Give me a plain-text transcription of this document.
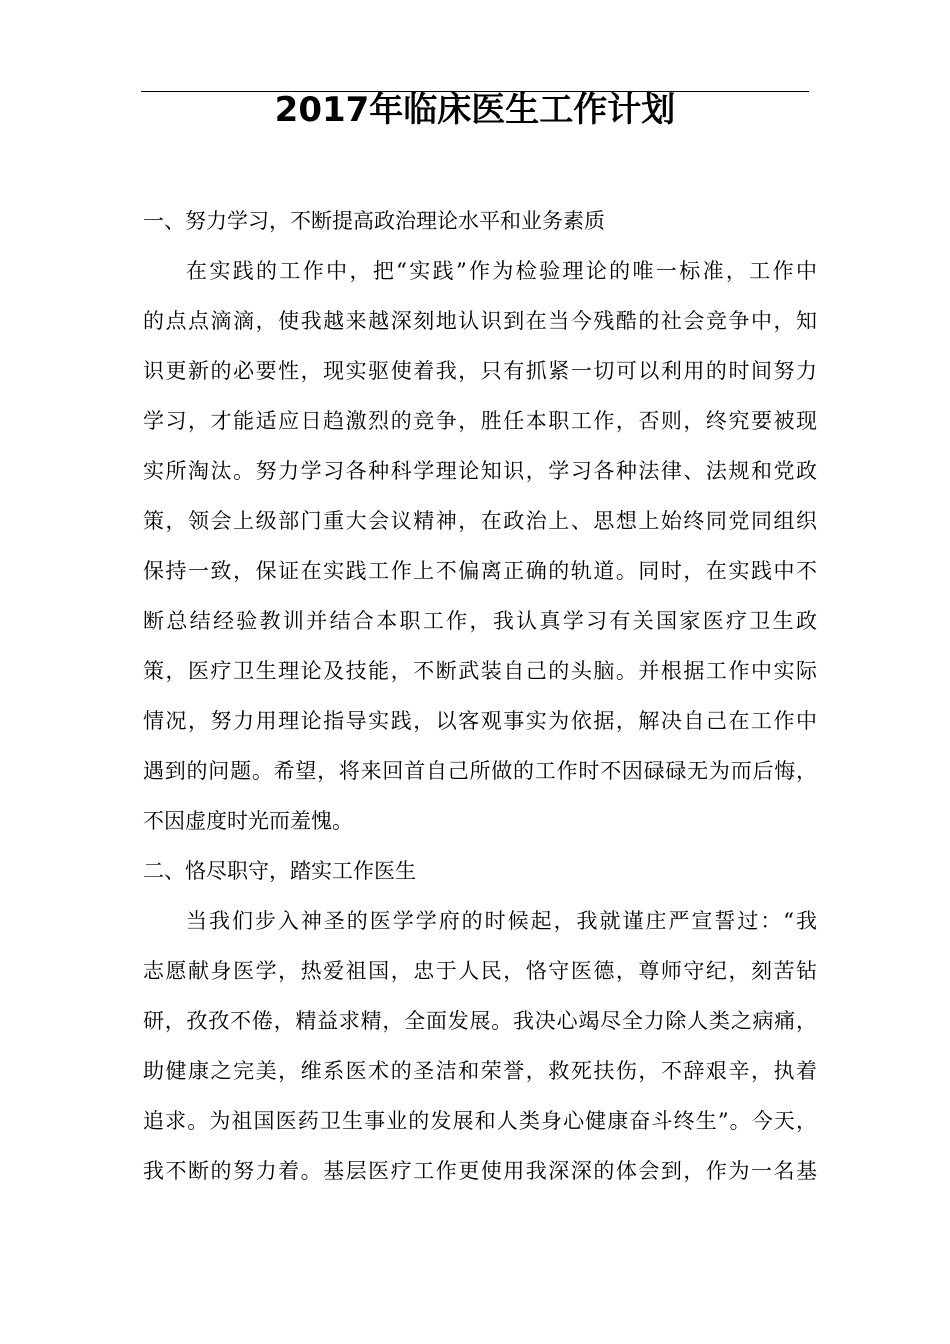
2017年临床医生工作计划

一、努力学习，不断提高政治理论水平和业务素质

在实践的工作中，把“实践”作为检验理论的唯一标准，工作中
的点点滴滴，使我越来越深刻地认识到在当今残酷的社会竞争中，知
识更新的必要性，现实驱使着我，只有抓紧一切可以利用的时间努力
学习，才能适应日趋激烈的竞争，胜任本职工作，否则，终究要被现
实所淘汰。努力学习各种科学理论知识，学习各种法律、法规和党政
策，领会上级部门重大会议精神，在政治上、思想上始终同党同组织
保持一致，保证在实践工作上不偏离正确的轨道。同时，在实践中不
断总结经验教训并结合本职工作，我认真学习有关国家医疗卫生政
策，医疗卫生理论及技能，不断武装自己的头脑。并根据工作中实际
情况，努力用理论指导实践，以客观事实为依据，解决自己在工作中
遇到的问题。希望，将来回首自己所做的工作时不因碌碌无为而后悔，
不因虚度时光而羞愧。

二、恪尽职守，踏实工作医生

当我们步入神圣的医学学府的时候起，我就谨庄严宣誓过：“我
志愿献身医学，热爱祖国，忠于人民，恪守医德，尊师守纪，刻苦钻
研，孜孜不倦，精益求精，全面发展。我决心竭尽全力除人类之病痛，
助健康之完美，维系医术的圣洁和荣誉，救死扶伤，不辞艰辛，执着
追求。为祖国医药卫生事业的发展和人类身心健康奋斗终生”。今天，
我不断的努力着。基层医疗工作更使用我深深的体会到，作为一名基
